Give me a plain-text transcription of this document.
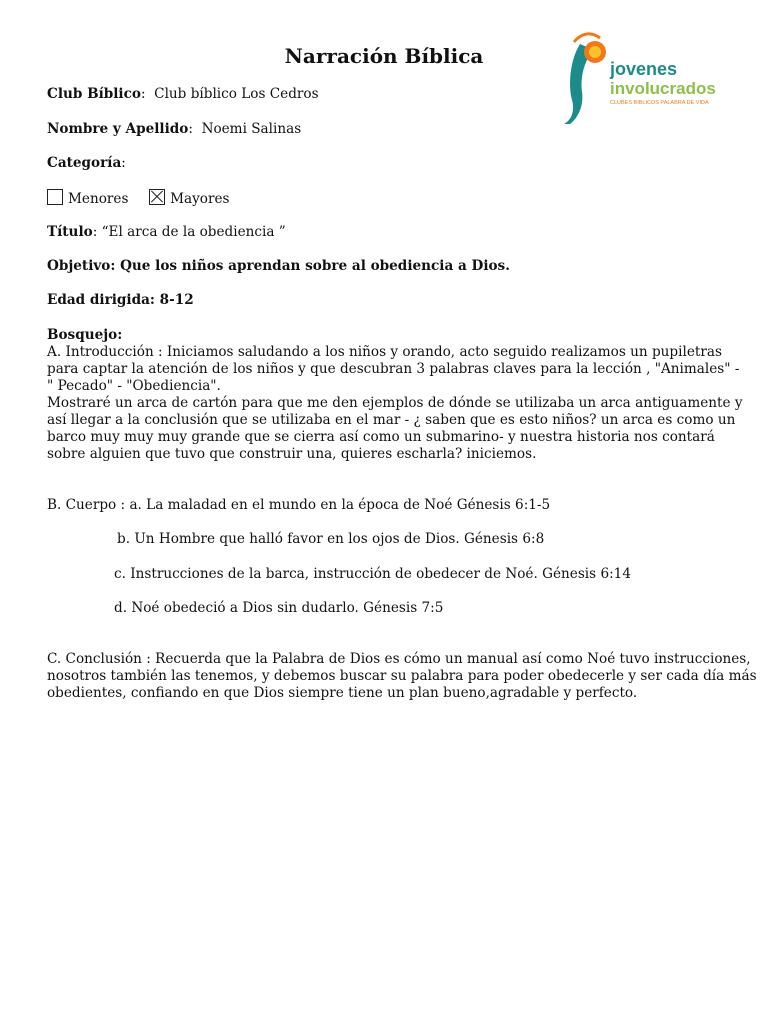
Narración Bíblica
jovenes
involucrados
CLUBES BIBLICOS PALABRA DE VIDA
Club Bíblico:  Club bíblico Los Cedros
Nombre y Apellido:  Noemi Salinas
Categoría:
Menores	Mayores
Título: “El arca de la obediencia ”
Objetivo: Que los niños aprendan sobre al obediencia a Dios.
Edad dirigida: 8-12
Bosquejo:
A. Introducción : Iniciamos saludando a los niños y orando, acto seguido realizamos un pupiletras
para captar la atención de los niños y que descubran 3 palabras claves para la lección , "Animales" -
" Pecado" - "Obediencia".
Mostraré un arca de cartón para que me den ejemplos de dónde se utilizaba un arca antiguamente y
así llegar a la conclusión que se utilizaba en el mar - ¿ saben que es esto niños? un arca es como un
barco muy muy muy grande que se cierra así como un submarino- y nuestra historia nos contará
sobre alguien que tuvo que construir una, quieres escharla? iniciemos.
B. Cuerpo : a. La maladad en el mundo en la época de Noé Génesis 6:1-5
b. Un Hombre que halló favor en los ojos de Dios. Génesis 6:8
c. Instrucciones de la barca, instrucción de obedecer de Noé. Génesis 6:14
d. Noé obedeció a Dios sin dudarlo. Génesis 7:5
C. Conclusión : Recuerda que la Palabra de Dios es cómo un manual así como Noé tuvo instrucciones,
nosotros también las tenemos, y debemos buscar su palabra para poder obedecerle y ser cada día más
obedientes, confiando en que Dios siempre tiene un plan bueno,agradable y perfecto.
